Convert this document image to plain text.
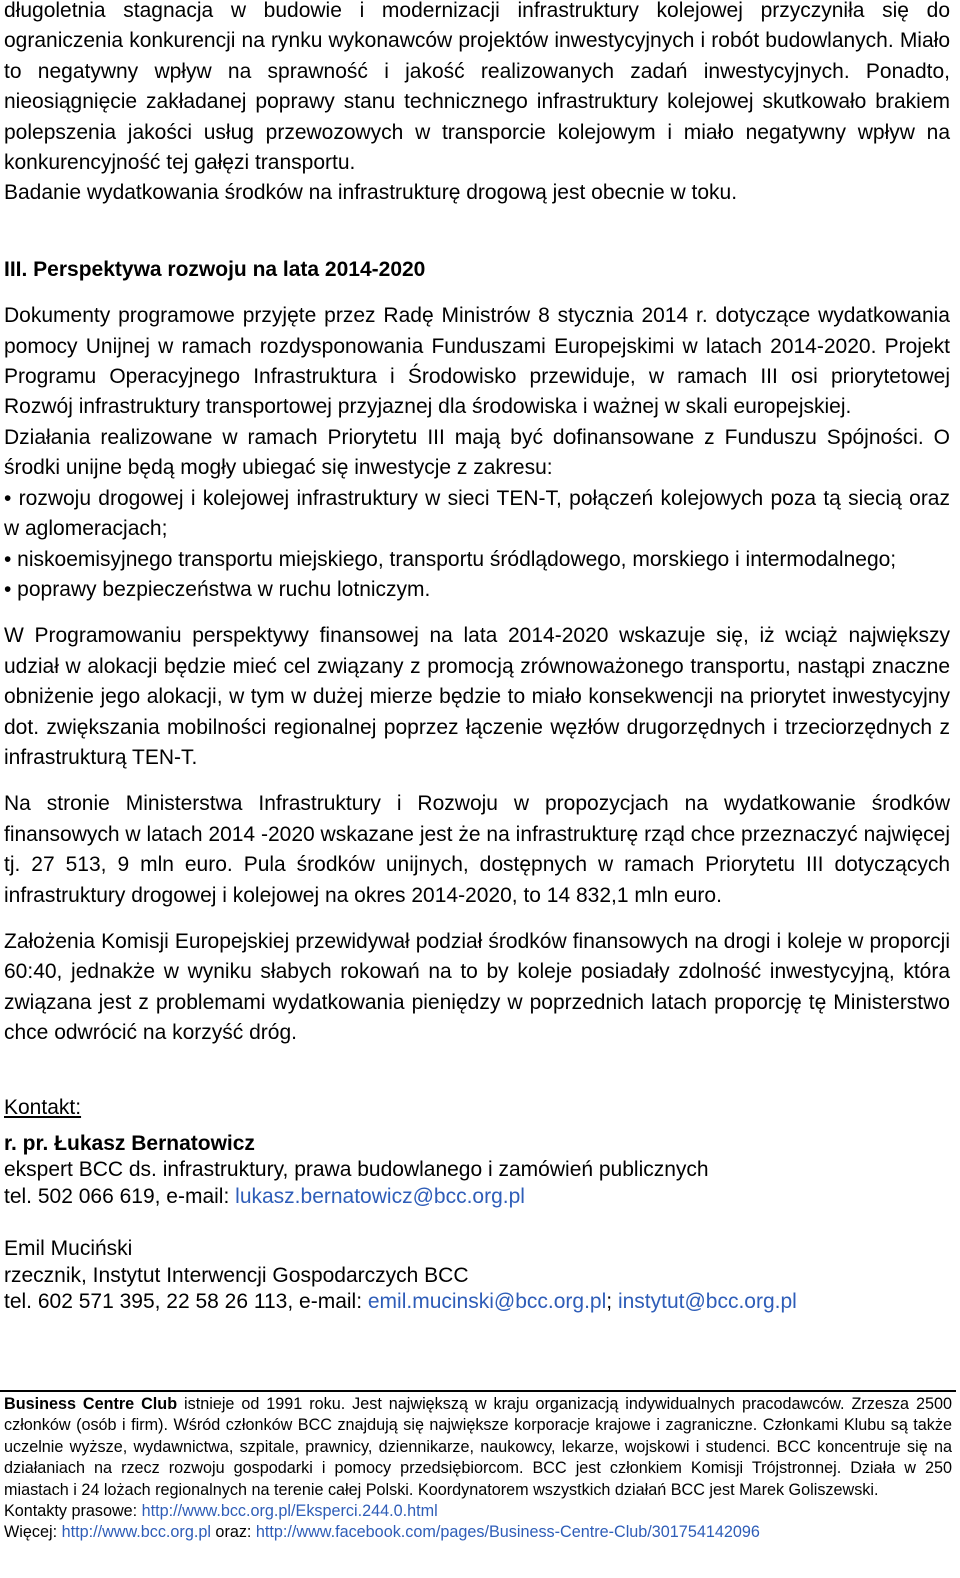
długoletnia stagnacja w budowie i modernizacji infrastruktury kolejowej przyczyniła się do ograniczenia konkurencji na rynku wykonawców projektów inwestycyjnych i robót budowlanych. Miało to negatywny wpływ na sprawność i jakość realizowanych zadań inwestycyjnych. Ponadto, nieosiągnięcie zakładanej poprawy stanu technicznego infrastruktury kolejowej skutkowało brakiem polepszenia jakości usług przewozowych w transporcie kolejowym i miało negatywny wpływ na konkurencyjność tej gałęzi transportu.

Badanie wydatkowania środków na infrastrukturę drogową jest obecnie w toku.

III. Perspektywa rozwoju na lata 2014-2020

Dokumenty programowe przyjęte przez Radę Ministrów 8 stycznia 2014 r. dotyczące wydatkowania pomocy Unijnej w ramach rozdysponowania Funduszami Europejskimi w latach 2014-2020. Projekt Programu Operacyjnego Infrastruktura i Środowisko przewiduje, w ramach III osi priorytetowej Rozwój infrastruktury transportowej przyjaznej dla środowiska i ważnej w skali europejskiej.

Działania realizowane w ramach Priorytetu III mają być dofinansowane z Funduszu Spójności. O środki unijne będą mogły ubiegać się inwestycje z zakresu:

• rozwoju drogowej i kolejowej infrastruktury w sieci TEN-T, połączeń kolejowych poza tą siecią oraz w aglomeracjach;

• niskoemisyjnego transportu miejskiego, transportu śródlądowego, morskiego i intermodalnego;

• poprawy bezpieczeństwa w ruchu lotniczym.

W Programowaniu perspektywy finansowej na lata 2014-2020 wskazuje się, iż wciąż największy udział w alokacji będzie mieć cel związany z promocją zrównoważonego transportu, nastąpi znaczne obniżenie jego alokacji, w tym w dużej mierze będzie to miało konsekwencji na priorytet inwestycyjny dot. zwiększania mobilności regionalnej poprzez łączenie węzłów drugorzędnych i trzeciorzędnych z infrastrukturą TEN-T.

Na stronie Ministerstwa Infrastruktury i Rozwoju w propozycjach na wydatkowanie środków finansowych w latach 2014 -2020 wskazane jest że na infrastrukturę rząd chce przeznaczyć najwięcej tj. 27 513, 9 mln euro. Pula środków unijnych, dostępnych w ramach Priorytetu III dotyczących infrastruktury drogowej i kolejowej na okres 2014-2020, to 14 832,1 mln euro.

Założenia Komisji Europejskiej przewidywał podział środków finansowych na drogi i koleje w proporcji 60:40, jednakże w wyniku słabych rokowań na to by koleje posiadały zdolność inwestycyjną, która związana jest z problemami wydatkowania pieniędzy w poprzednich latach proporcję tę Ministerstwo chce odwrócić na korzyść dróg.

Kontakt:

r. pr. Łukasz Bernatowicz
ekspert BCC ds. infrastruktury, prawa budowlanego i zamówień publicznych
tel. 502 066 619, e-mail: lukasz.bernatowicz@bcc.org.pl
Emil Muciński
rzecznik, Instytut Interwencji Gospodarczych BCC
tel. 602 571 395, 22 58 26 113, e-mail: emil.mucinski@bcc.org.pl; instytut@bcc.org.pl

Business Centre Club istnieje od 1991 roku. Jest największą w kraju organizacją indywidualnych pracodawców. Zrzesza 2500 członków (osób i firm). Wśród członków BCC znajdują się największe korporacje krajowe i zagraniczne. Członkami Klubu są także uczelnie wyższe, wydawnictwa, szpitale, prawnicy, dziennikarze, naukowcy, lekarze, wojskowi i studenci. BCC koncentruje się na działaniach na rzecz rozwoju gospodarki i pomocy przedsiębiorcom. BCC jest członkiem Komisji Trójstronnej. Działa w 250 miastach i 24 lożach regionalnych na terenie całej Polski. Koordynatorem wszystkich działań BCC jest Marek Goliszewski.

Kontakty prasowe: http://www.bcc.org.pl/Eksperci.244.0.html

Więcej: http://www.bcc.org.pl oraz: http://www.facebook.com/pages/Business-Centre-Club/301754142096
